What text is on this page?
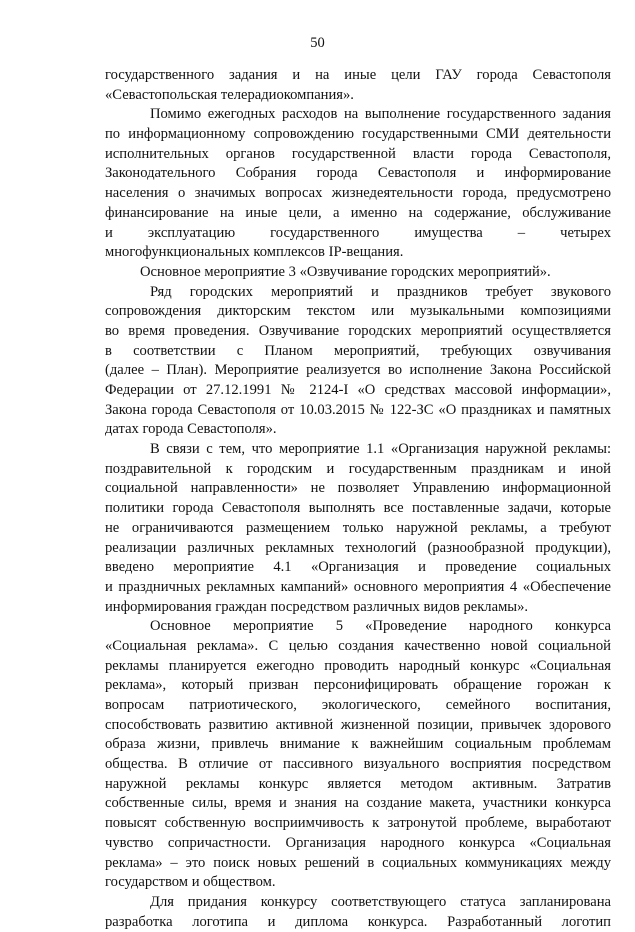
50
государственного задания и на иные цели ГАУ города Севастополя
«Севастопольская телерадиокомпания».
Помимо ежегодных расходов на выполнение государственного задания
по информационному сопровождению государственными СМИ деятельности
исполнительных органов государственной власти города Севастополя,
Законодательного Собрания города Севастополя и информирование
населения о значимых вопросах жизнедеятельности города, предусмотрено
финансирование на иные цели, а именно на содержание, обслуживание
и эксплуатацию государственного имущества – четырех
многофункциональных комплексов IP-вещания.
Основное мероприятие 3 «Озвучивание городских мероприятий».
Ряд городских мероприятий и праздников требует звукового
сопровождения дикторским текстом или музыкальными композициями
во время проведения. Озвучивание городских мероприятий осуществляется
в соответствии с Планом мероприятий, требующих озвучивания
(далее – План). Мероприятие реализуется во исполнение Закона Российской
Федерации от 27.12.1991 № 2124-I «О средствах массовой информации»,
Закона города Севастополя от 10.03.2015 № 122-ЗС «О праздниках и памятных
датах города Севастополя».
В связи с тем, что мероприятие 1.1 «Организация наружной рекламы:
поздравительной к городским и государственным праздникам и иной
социальной направленности» не позволяет Управлению информационной
политики города Севастополя выполнять все поставленные задачи, которые
не ограничиваются размещением только наружной рекламы, а требуют
реализации различных рекламных технологий (разнообразной продукции),
введено мероприятие 4.1 «Организация и проведение социальных
и праздничных рекламных кампаний» основного мероприятия 4 «Обеспечение
информирования граждан посредством различных видов рекламы».
Основное мероприятие 5 «Проведение народного конкурса
«Социальная реклама». С целью создания качественно новой социальной
рекламы планируется ежегодно проводить народный конкурс «Социальная
реклама», который призван персонифицировать обращение горожан к
вопросам патриотического, экологического, семейного воспитания,
способствовать развитию активной жизненной позиции, привычек здорового
образа жизни, привлечь внимание к важнейшим социальным проблемам
общества. В отличие от пассивного визуального восприятия посредством
наружной рекламы конкурс является методом активным. Затратив
собственные силы, время и знания на создание макета, участники конкурса
повысят собственную восприимчивость к затронутой проблеме, выработают
чувство сопричастности. Организация народного конкурса «Социальная
реклама» – это поиск новых решений в социальных коммуникациях между
государством и обществом.
Для придания конкурсу соответствующего статуса запланирована
разработка логотипа и диплома конкурса. Разработанный логотип
